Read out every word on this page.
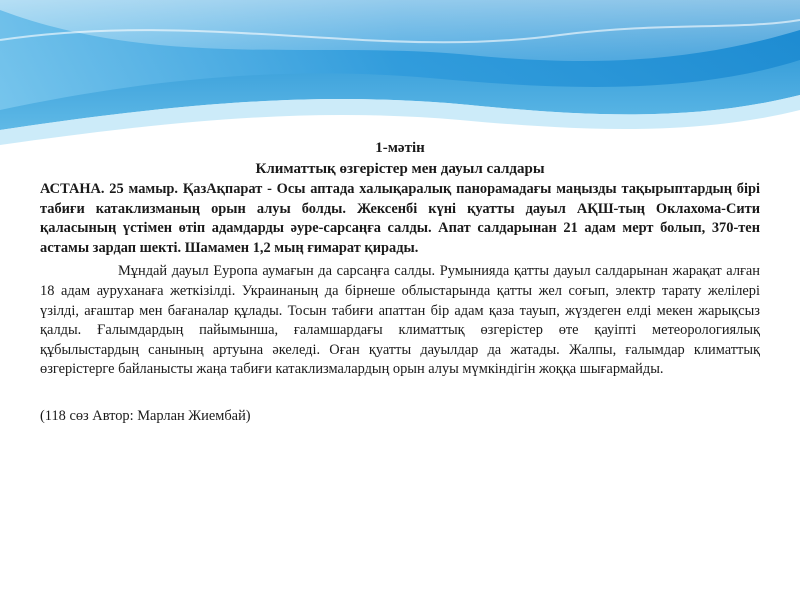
1-мәтін
Климаттық өзгерістер мен дауыл салдары

АСТАНА. 25 мамыр. ҚазАқпарат - Осы аптада халықаралық панорамадағы маңызды тақырыптардың бірі табиғи катаклизманың орын алуы болды. Жексенбі күні қуатты дауыл АҚШ-тың Оклахома-Сити қаласының үстімен өтіп адамдарды әуре-сарсаңға салды. Апат салдарынан 21 адам мерт болып, 370-тен астамы зардап шекті. Шамамен 1,2 мың ғимарат қирады.

Мұндай дауыл Еуропа аумағын да сарсаңға салды. Румынияда қатты дауыл салдарынан жарақат алған 18 адам ауруханаға жеткізілді. Украинаның да бірнеше облыстарында қатты жел соғып, электр тарату желілері үзілді, ағаштар мен бағаналар құлады. Тосын табиғи апаттан бір адам қаза тауып, жүздеген елді мекен жарықсыз қалды. Ғалымдардың пайымынша, ғаламшардағы климаттық өзгерістер өте қауіпті метеорологиялық құбылыстардың санының артуына әкеледі. Оған қуатты дауылдар да жатады. Жалпы, ғалымдар климаттық өзгерістерге байланысты жаңа табиғи катаклизмалардың орын алуы мүмкіндігін жоққа шығармайды.

(118 сөз Автор: Марлан Жиембай)
